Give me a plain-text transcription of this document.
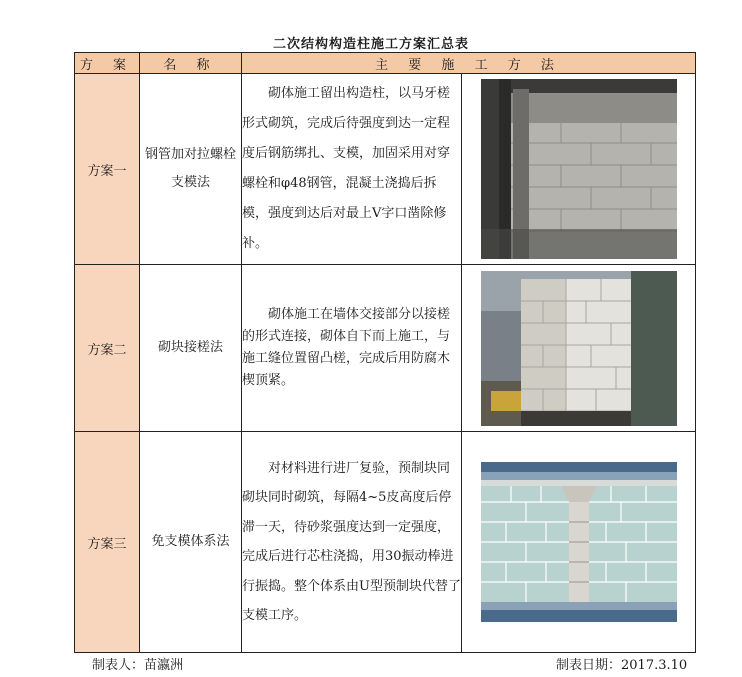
二次结构构造柱施工方案汇总表
方 案	名 称	主 要 施 工 方 法	
方案一	钢管加对拉螺栓支模法	砌体施工留出构造柱，以马牙槎形式砌筑，完成后待强度到达一定程度后钢筋绑扎、支模，加固采用对穿螺栓和φ48钢管，混凝土浇捣后拆模，强度到达后对最上V字口凿除修补。

方案二	砌块接槎法	砌体施工在墙体交接部分以接槎的形式连接，砌体自下而上施工，与施工缝位置留凸槎，完成后用防腐木楔顶紧。

方案三	免支模体系法	对材料进行进厂复验，预制块同砌块同时砌筑，每隔4~5皮高度后停滞一天，待砂浆强度达到一定强度，完成后进行芯柱浇捣，用30振动棒进行振捣。整个体系由U型预制块代替了支模工序。

制表人：苗瀛洲	制表日期：2017.3.10
